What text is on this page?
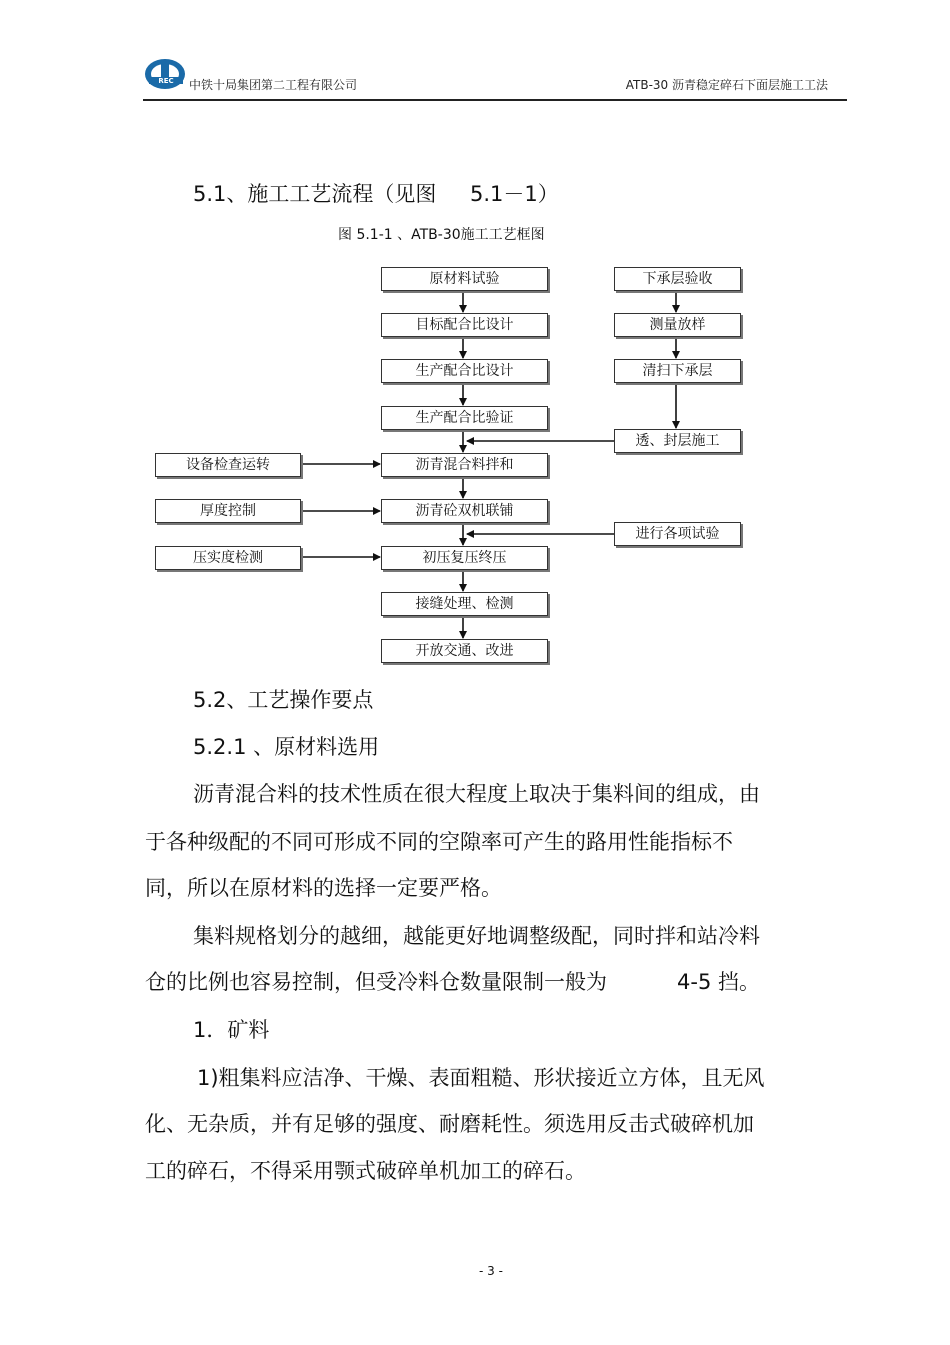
REC 中铁十局集团第二工程有限公司	ATB-30 沥青稳定碎石下面层施工工法
5.1、施工工艺流程（见图 5.1－1）
图 5.1-1 、ATB-30施工工艺框图
原材料试验
目标配合比设计
生产配合比设计
生产配合比验证
沥青混合料拌和
沥青砼双机联铺
初压复压终压
接缝处理、检测
开放交通、改进
下承层验收
测量放样
清扫下承层
透、封层施工
进行各项试验
设备检查运转
厚度控制
压实度检测
5.2、工艺操作要点
5.2.1 、原材料选用
沥青混合料的技术性质在很大程度上取决于集料间的组成，由
于各种级配的不同可形成不同的空隙率可产生的路用性能指标不
同，所以在原材料的选择一定要严格。
集料规格划分的越细，越能更好地调整级配，同时拌和站冷料
仓的比例也容易控制，但受冷料仓数量限制一般为	4-5 挡。
1．矿料
1)粗集料应洁净、干燥、表面粗糙、形状接近立方体，且无风
化、无杂质，并有足够的强度、耐磨耗性。须选用反击式破碎机加
工的碎石，不得采用颚式破碎单机加工的碎石。
- 3 -
